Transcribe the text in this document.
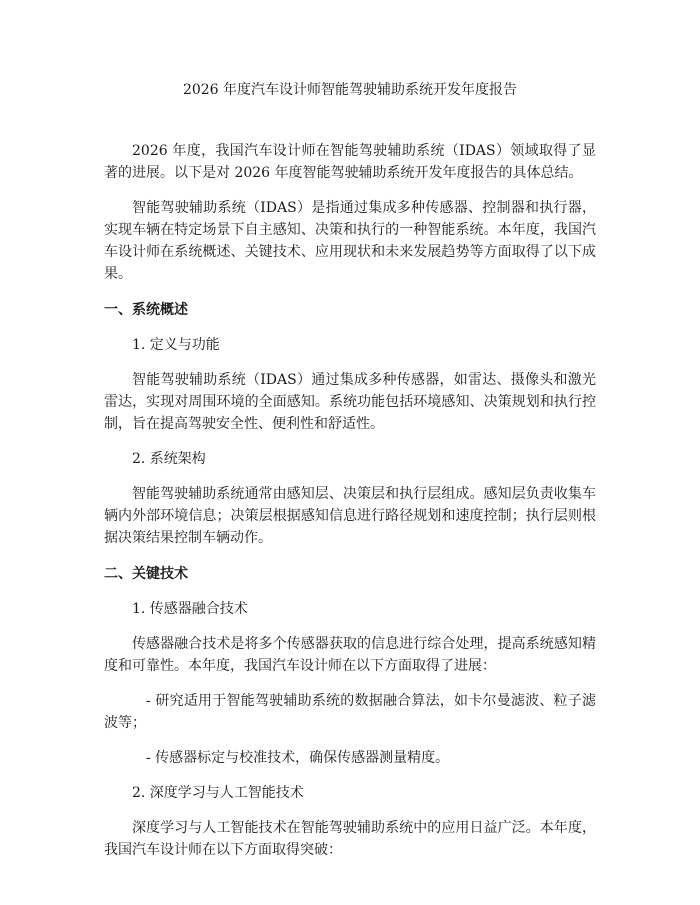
2026 年度汽车设计师智能驾驶辅助系统开发年度报告

2026 年度，我国汽车设计师在智能驾驶辅助系统（IDAS）领域取得了显著的进展。以下是对 2026 年度智能驾驶辅助系统开发年度报告的具体总结。

智能驾驶辅助系统（IDAS）是指通过集成多种传感器、控制器和执行器，实现车辆在特定场景下自主感知、决策和执行的一种智能系统。本年度，我国汽车设计师在系统概述、关键技术、应用现状和未来发展趋势等方面取得了以下成果。

一、系统概述
1. 定义与功能

智能驾驶辅助系统（IDAS）通过集成多种传感器，如雷达、摄像头和激光雷达，实现对周围环境的全面感知。系统功能包括环境感知、决策规划和执行控制，旨在提高驾驶安全性、便利性和舒适性。

2. 系统架构

智能驾驶辅助系统通常由感知层、决策层和执行层组成。感知层负责收集车辆内外部环境信息；决策层根据感知信息进行路径规划和速度控制；执行层则根据决策结果控制车辆动作。

二、关键技术
1. 传感器融合技术

传感器融合技术是将多个传感器获取的信息进行综合处理，提高系统感知精度和可靠性。本年度，我国汽车设计师在以下方面取得了进展：

- 研究适用于智能驾驶辅助系统的数据融合算法，如卡尔曼滤波、粒子滤波等；

- 传感器标定与校准技术，确保传感器测量精度。

2. 深度学习与人工智能技术

深度学习与人工智能技术在智能驾驶辅助系统中的应用日益广泛。本年度，我国汽车设计师在以下方面取得突破：
